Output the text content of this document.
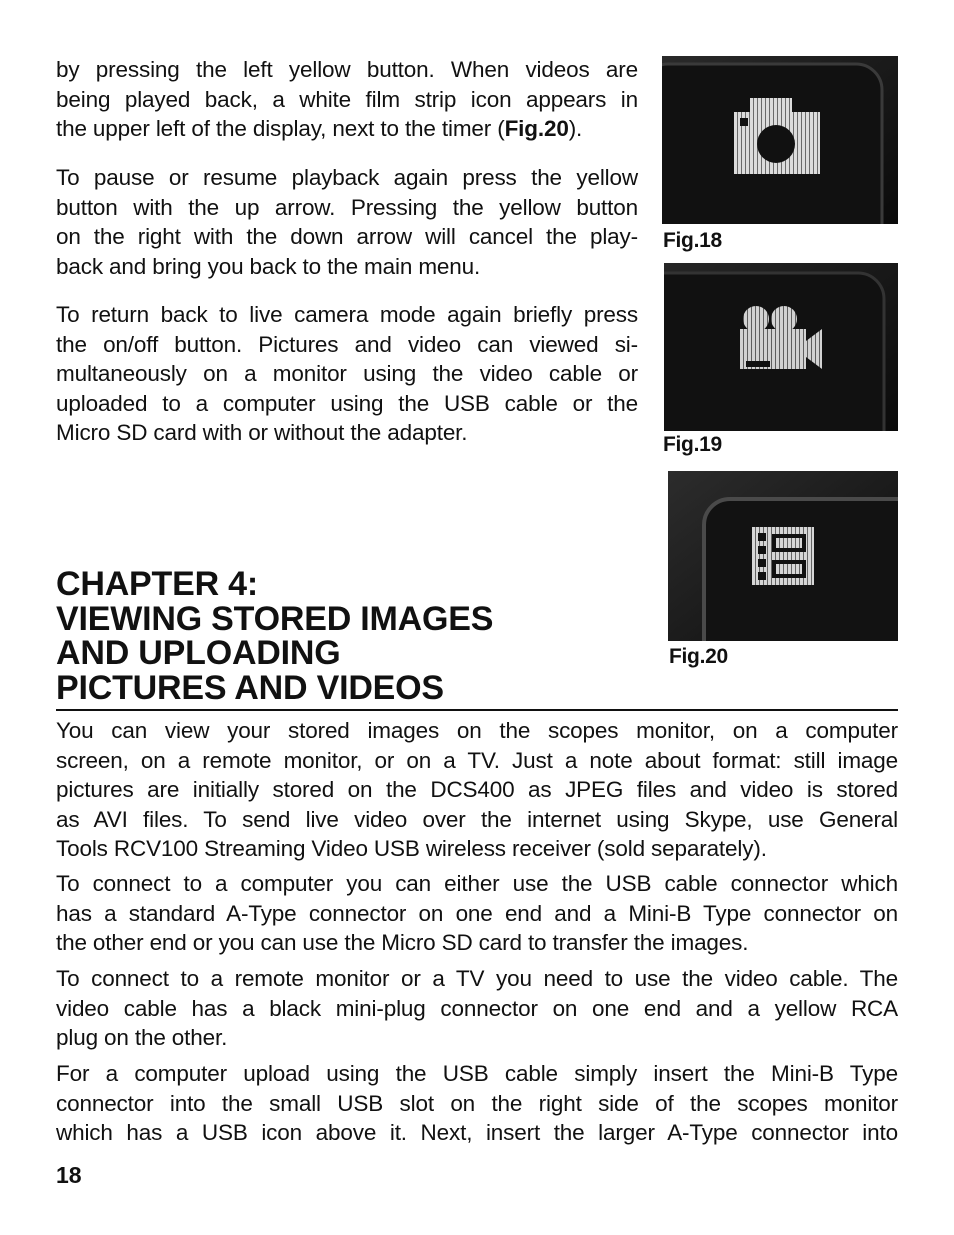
by pressing the left yellow button. When videos are
being played back, a white film strip icon appears in
the upper left of the display, next to the timer (Fig.20).

To pause or resume playback again press the yellow
button with the up arrow. Pressing the yellow button
on the right with the down arrow will cancel the play-
back and bring you back to the main menu.

To return back to live camera mode again briefly press
the on/off button. Pictures and video can viewed si-
multaneously on a monitor using the video cable or
uploaded to a computer using the USB cable or the
Micro SD card with or without the adapter.

Fig.18
Fig.19
Fig.20
CHAPTER 4:
VIEWING STORED IMAGES
AND UPLOADING
PICTURES AND VIDEOS

You can view your stored images on the scopes monitor, on a computer
screen, on a remote monitor, or on a TV. Just a note about format: still image
pictures are initially stored on the DCS400 as JPEG files and video is stored
as AVI files. To send live video over the internet using Skype, use General
Tools RCV100 Streaming Video USB wireless receiver (sold separately).

To connect to a computer you can either use the USB cable connector which
has a standard A-Type connector on one end and a Mini-B Type connector on
the other end or you can use the Micro SD card to transfer the images.

To connect to a remote monitor or a TV you need to use the video cable. The
video cable has a black mini-plug connector on one end and a yellow RCA
plug on the other.

For a computer upload using the USB cable simply insert the Mini-B Type
connector into the small USB slot on the right side of the scopes monitor
which has a USB icon above it. Next, insert the larger A-Type connector into

18
